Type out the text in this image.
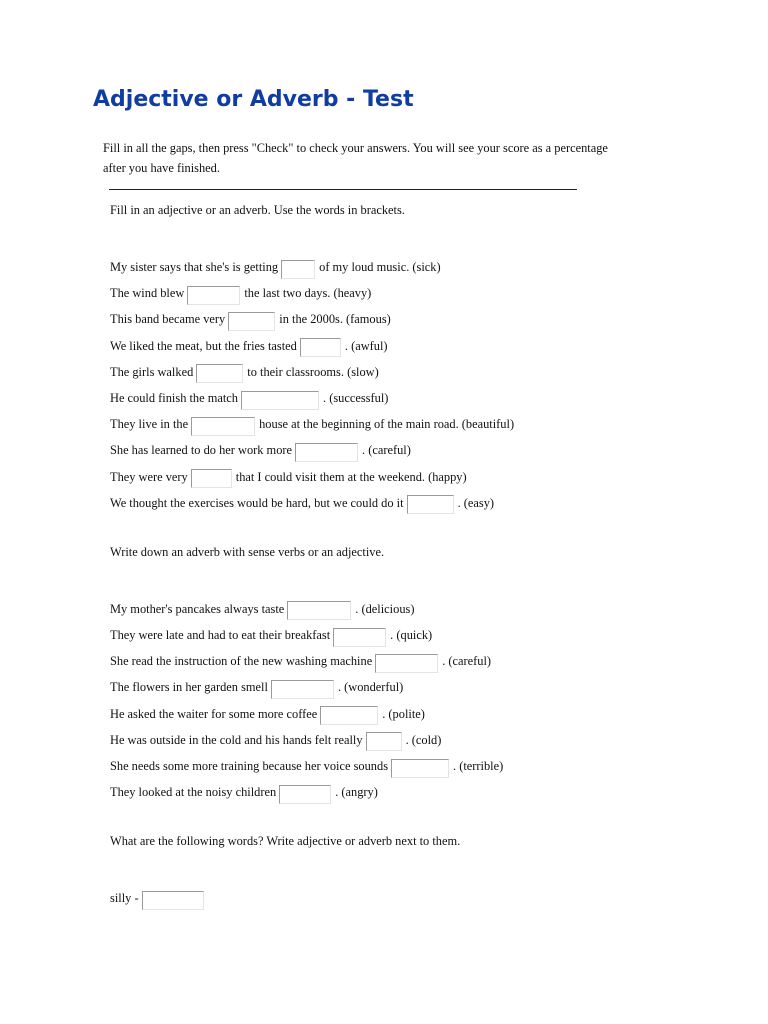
Adjective or Adverb - Test
Fill in all the gaps, then press "Check" to check your answers. You will see your score as a percentage
after you have finished.
Fill in an adjective or an adverb. Use the words in brackets.
My sister says that she's is getting	of my loud music. (sick)
The wind blew	the last two days. (heavy)
This band became very	in the 2000s. (famous)
We liked the meat, but the fries tasted	. (awful)
The girls walked	to their classrooms. (slow)
He could finish the match	. (successful)
They live in the	house at the beginning of the main road. (beautiful)
She has learned to do her work more	. (careful)
They were very	that I could visit them at the weekend. (happy)
We thought the exercises would be hard, but we could do it	. (easy)
Write down an adverb with sense verbs or an adjective.
My mother's pancakes always taste	. (delicious)
They were late and had to eat their breakfast	. (quick)
She read the instruction of the new washing machine	. (careful)
The flowers in her garden smell	. (wonderful)
He asked the waiter for some more coffee	. (polite)
He was outside in the cold and his hands felt really	. (cold)
She needs some more training because her voice sounds	. (terrible)
They looked at the noisy children	. (angry)
What are the following words? Write adjective or adverb next to them.
silly -
